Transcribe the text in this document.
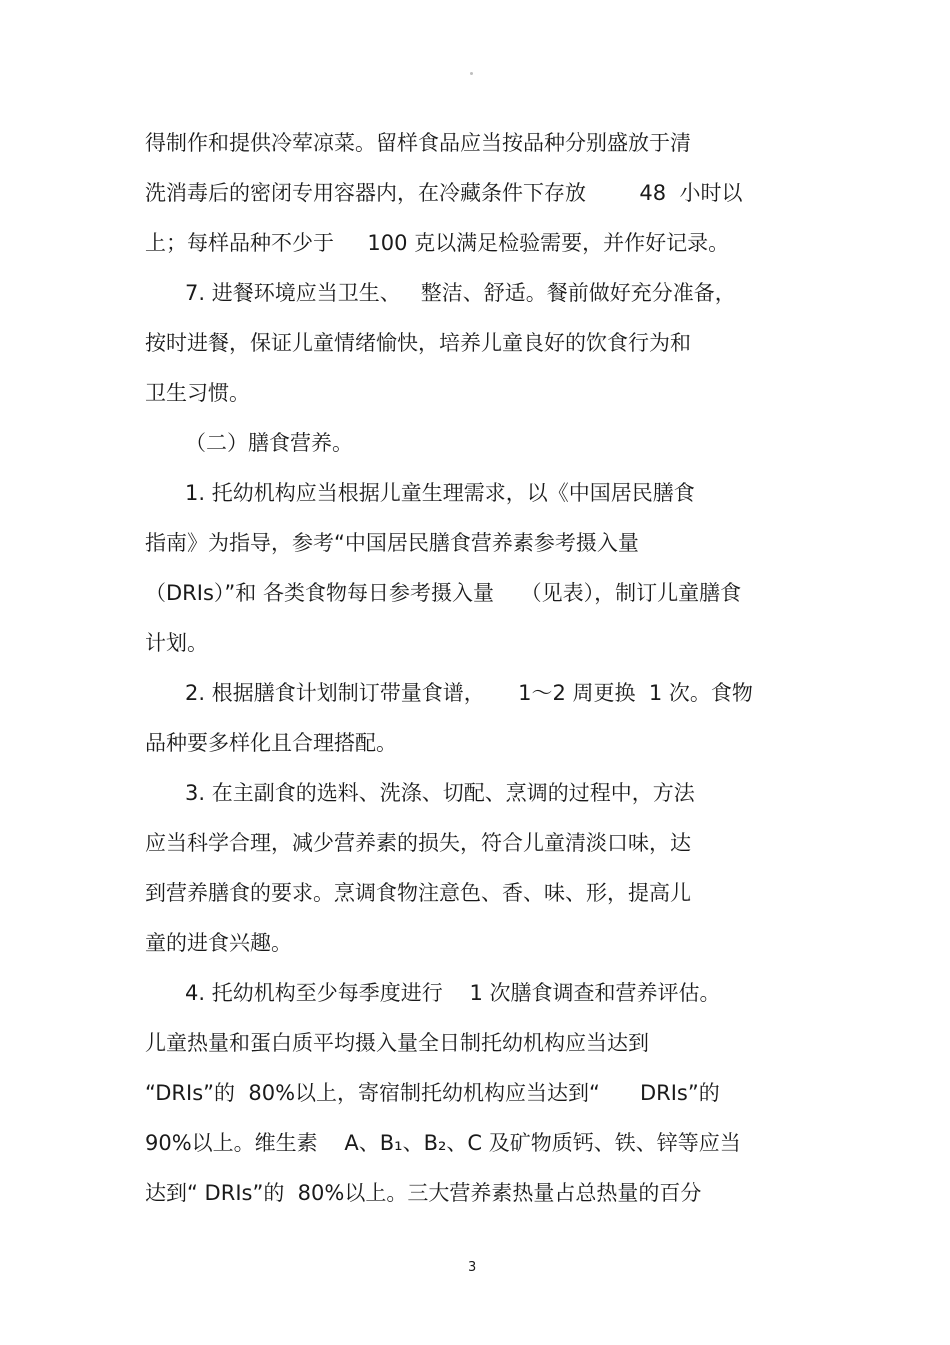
得制作和提供冷荤凉菜。留样食品应当按品种分别盛放于清
洗消毒后的密闭专用容器内，在冷藏条件下存放        48  小时以
上；每样品种不少于     100 克以满足检验需要，并作好记录。
7. 进餐环境应当卫生、   整洁、舒适。餐前做好充分准备，
按时进餐，保证儿童情绪愉快，培养儿童良好的饮食行为和
卫生习惯。
（二）膳食营养。
1. 托幼机构应当根据儿童生理需求，以《中国居民膳食
指南》为指导，参考“中国居民膳食营养素参考摄入量
（DRIs）”和 各类食物每日参考摄入量    （见表），制订儿童膳食
计划。
2. 根据膳食计划制订带量食谱，     1～2 周更换  1 次。食物
品种要多样化且合理搭配。
3. 在主副食的选料、洗涤、切配、烹调的过程中，方法
应当科学合理，减少营养素的损失，符合儿童清淡口味，达
到营养膳食的要求。烹调食物注意色、香、味、形，提高儿
童的进食兴趣。
4. 托幼机构至少每季度进行    1 次膳食调查和营养评估。
儿童热量和蛋白质平均摄入量全日制托幼机构应当达到
“DRIs”的  80%以上，寄宿制托幼机构应当达到“      DRIs”的
90%以上。维生素    A、B₁、B₂、C 及矿物质钙、铁、锌等应当
达到“ DRIs”的  80%以上。三大营养素热量占总热量的百分
3
